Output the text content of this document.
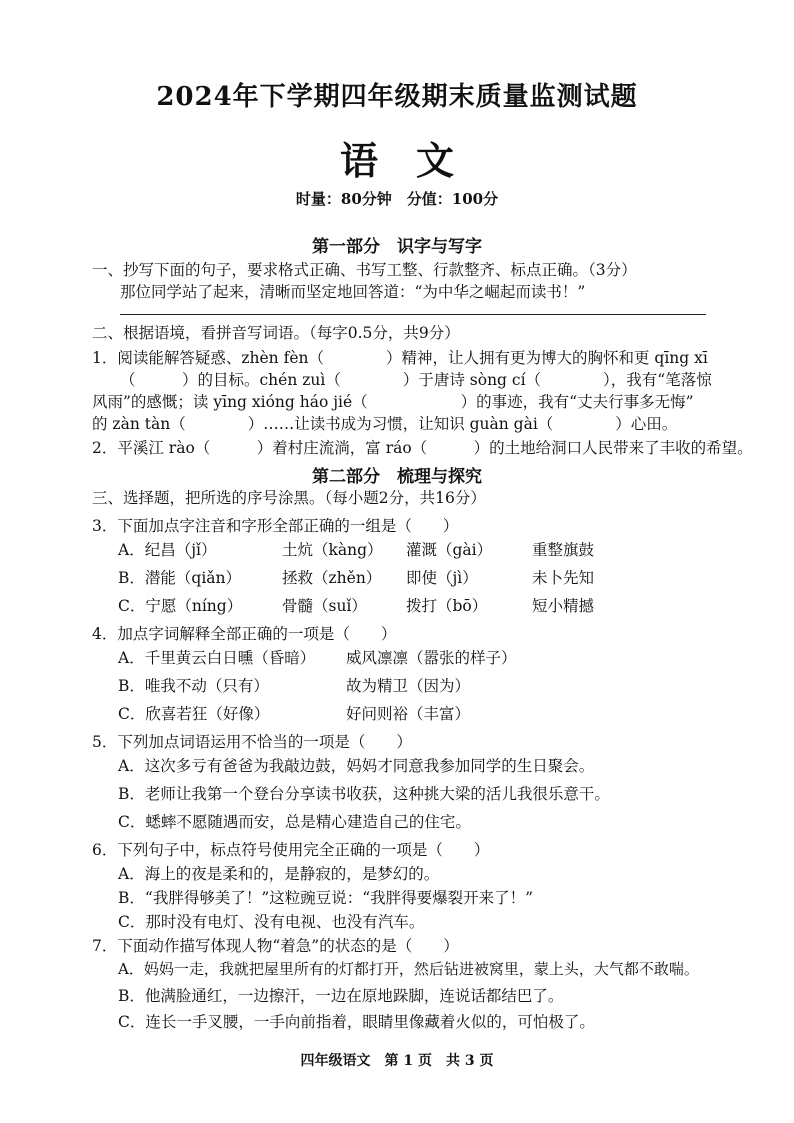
2024年下学期四年级期末质量监测试题
语　文
时量：80分钟　分值：100分
第一部分　识字与写字
一、抄写下面的句子，要求格式正确、书写工整、行款整齐、标点正确。（3分）
那位同学站了起来，清晰而坚定地回答道：“为中华之崛起而读书！”
二、根据语境，看拼音写词语。（每字0.5分，共9分）
1．阅读能解答疑惑、zhèn fèn（　　　　）精神，让人拥有更为博大的胸怀和更 qīng xī
（　　　）的目标。chén zuì（　　　　）于唐诗 sòng cí（　　　　），我有“笔落惊
风雨”的感慨；读 yīng xióng háo jié（　　　　　　）的事迹，我有“丈夫行事多无悔”
的 zàn tàn（　　　　）……让读书成为习惯，让知识 guàn gài（　　　　）心田。
2．平溪江 rào（　　　）着村庄流淌，富 ráo（　　　）的土地给洞口人民带来了丰收的希望。
第二部分　梳理与探究
三、选择题，把所选的序号涂黑。（每小题2分，共16分）
3．下面加点字注音和字形全部正确的一组是（　　）
A．纪昌（jǐ）	土炕（kàng） 灌溉（gài）	重整旗鼓
B．潜能（qiǎn）	拯救（zhěn） 即使（jì）	未卜先知
C．宁愿（níng）	骨髓（suǐ）	拨打（bō）	短小精撼
4．加点字词解释全部正确的一项是（　　）
A．千里黄云白日曛（昏暗） 威风凛凛（嚣张的样子）
B．唯我不动（只有）	故为精卫（因为）
C．欣喜若狂（好像）	好问则裕（丰富）
5．下列加点词语运用不恰当的一项是（　　）
A．这次多亏有爸爸为我敲边鼓，妈妈才同意我参加同学的生日聚会。
B．老师让我第一个登台分享读书收获，这种挑大梁的活儿我很乐意干。
C．蟋蟀不愿随遇而安，总是精心建造自己的住宅。
6．下列句子中，标点符号使用完全正确的一项是（　　）
A．海上的夜是柔和的，是静寂的，是梦幻的。
B．“我胖得够美了！”这粒豌豆说：“我胖得要爆裂开来了！”
C．那时没有电灯、没有电视、也没有汽车。
7．下面动作描写体现人物“着急”的状态的是（　　）
A．妈妈一走，我就把屋里所有的灯都打开，然后钻进被窝里，蒙上头，大气都不敢喘。
B．他满脸通红，一边擦汗，一边在原地跺脚，连说话都结巴了。
C．连长一手叉腰，一手向前指着，眼睛里像藏着火似的，可怕极了。
四年级语文　第 1 页　共 3 页
